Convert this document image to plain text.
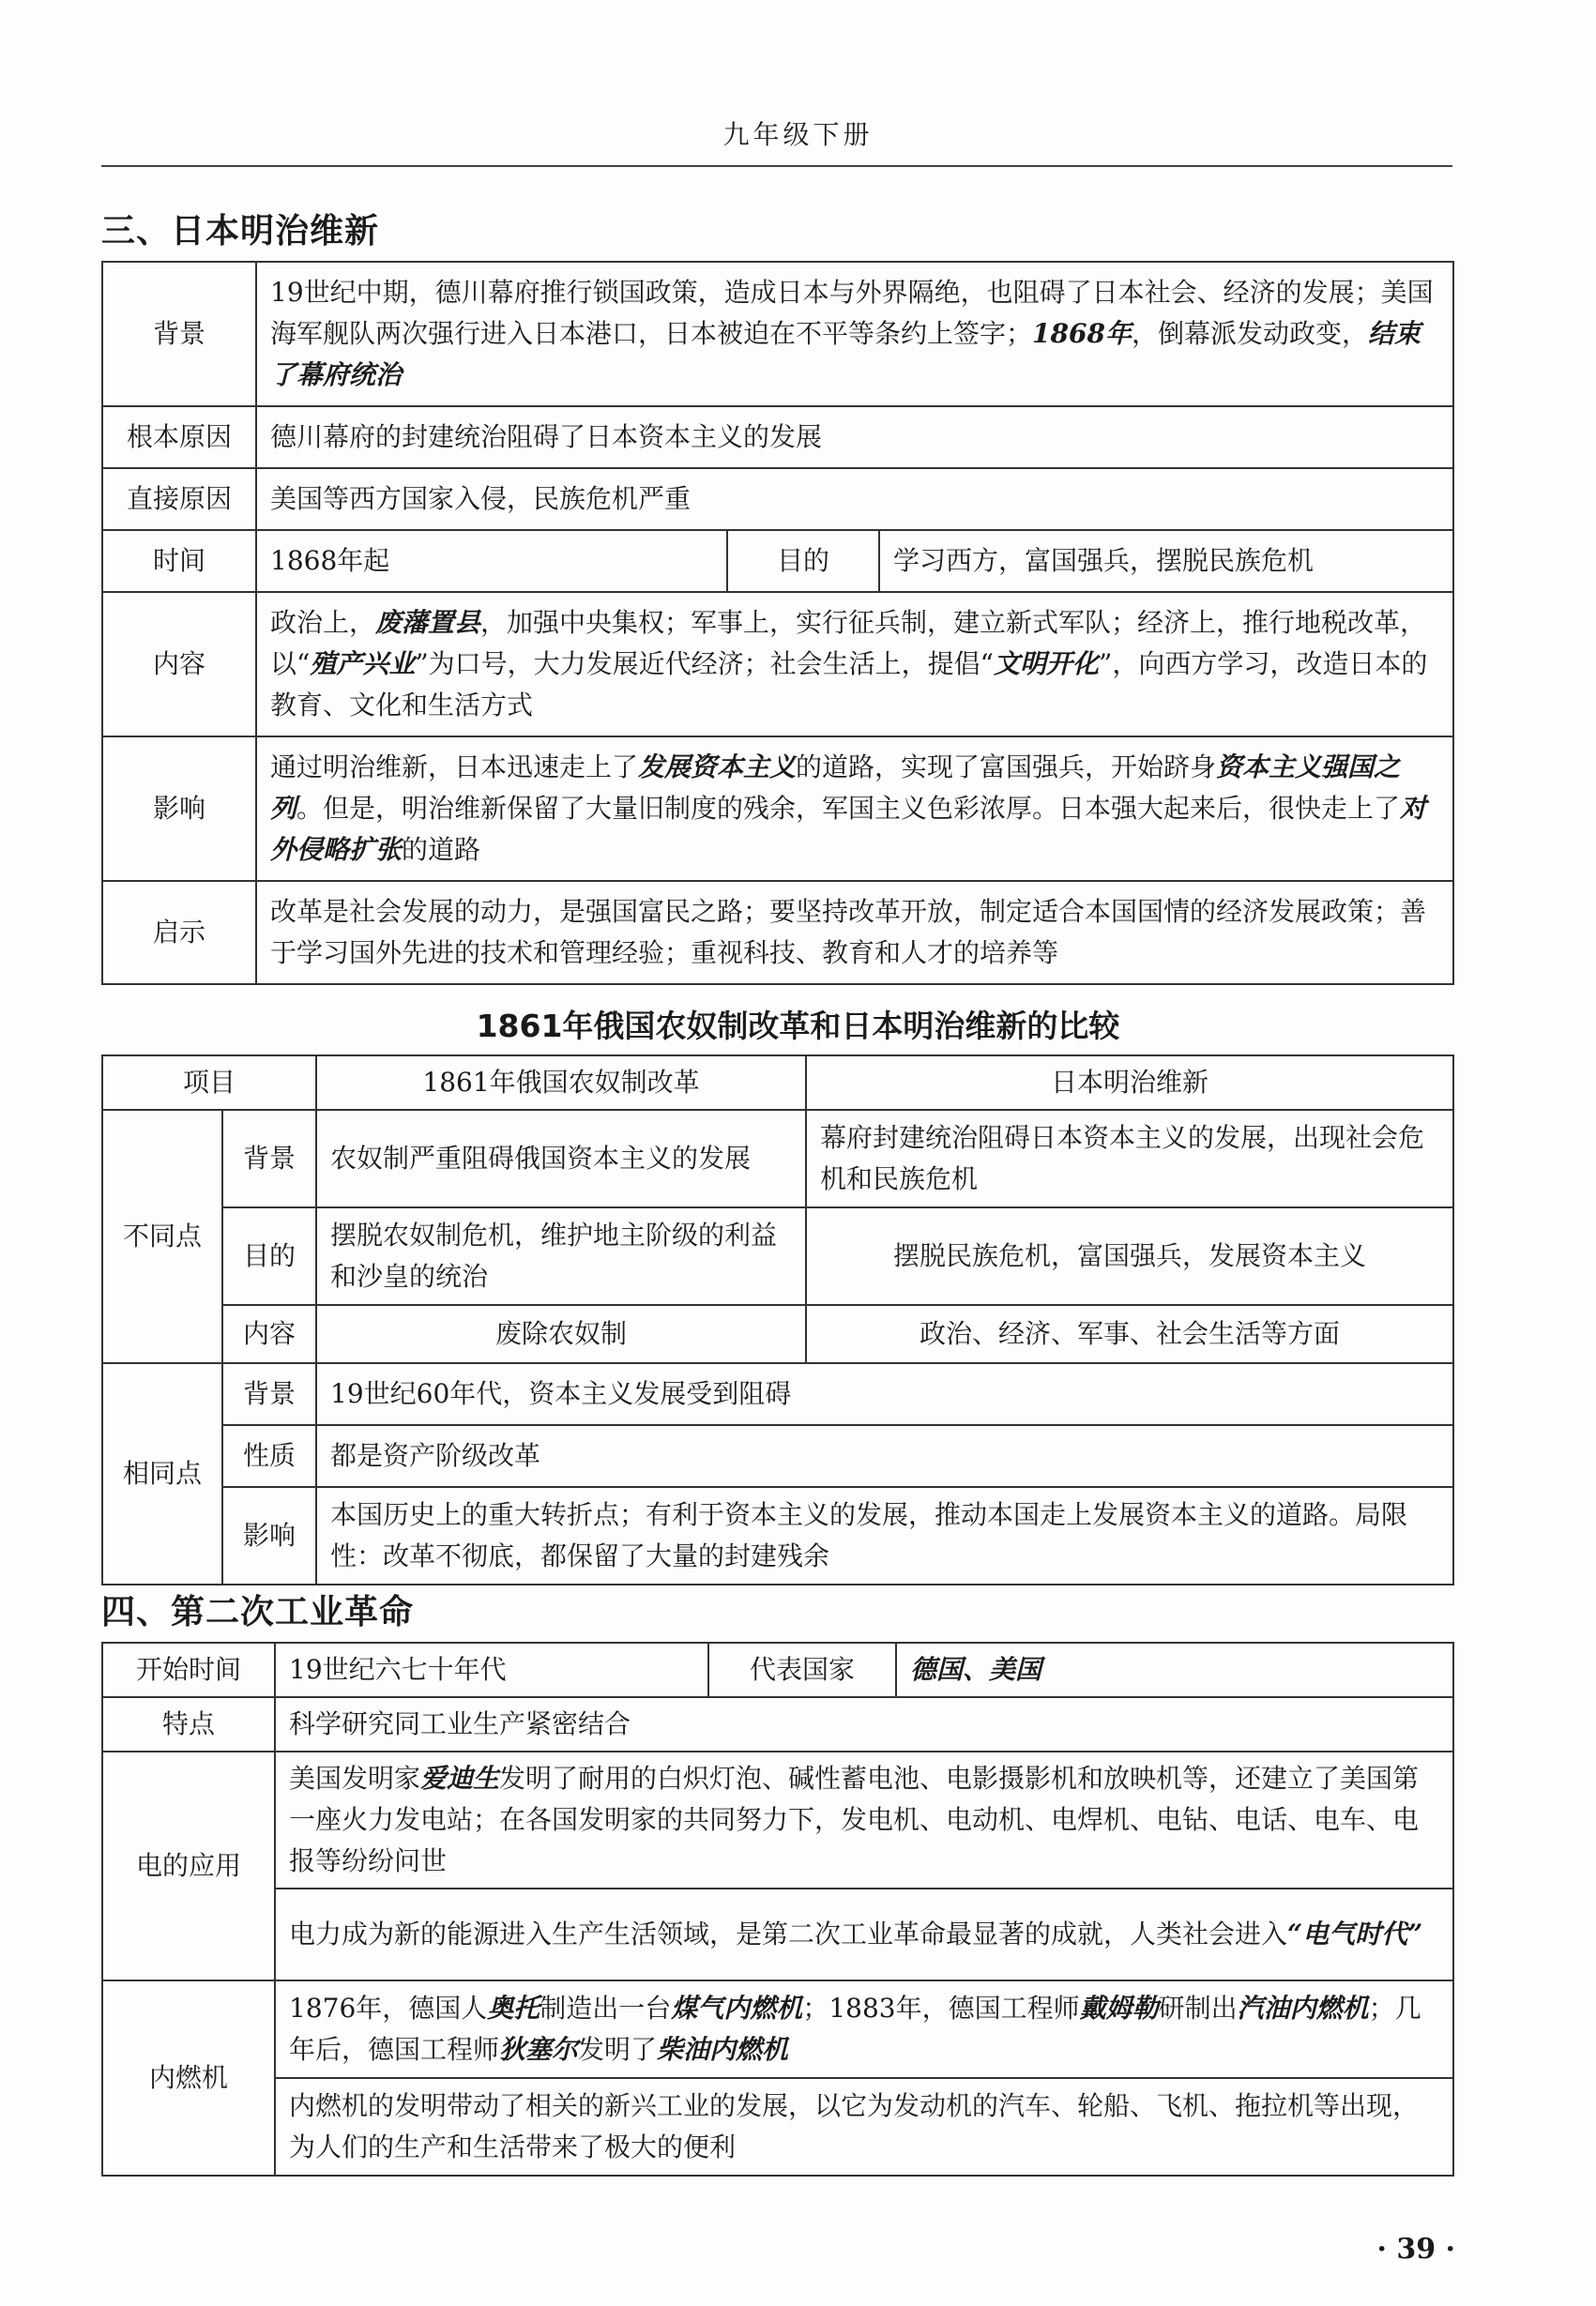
九年级下册
三、日本明治维新
背景	19世纪中期，德川幕府推行锁国政策，造成日本与外界隔绝，也阻碍了日本社会、经济的发展；美国海军舰队两次强行进入日本港口，日本被迫在不平等条约上签字；1868年，倒幕派发动政变，结束了幕府统治		
根本原因	德川幕府的封建统治阻碍了日本资本主义的发展		
直接原因	美国等西方国家入侵，民族危机严重		
时间	1868年起	目的	学习西方，富国强兵，摆脱民族危机
内容	政治上，废藩置县，加强中央集权；军事上，实行征兵制，建立新式军队；经济上，推行地税改革，以“殖产兴业”为口号，大力发展近代经济；社会生活上，提倡“文明开化”，向西方学习，改造日本的教育、文化和生活方式		
影响	通过明治维新，日本迅速走上了发展资本主义的道路，实现了富国强兵，开始跻身资本主义强国之列。但是，明治维新保留了大量旧制度的残余，军国主义色彩浓厚。日本强大起来后，很快走上了对外侵略扩张的道路		
启示	改革是社会发展的动力，是强国富民之路；要坚持改革开放，制定适合本国国情的经济发展政策；善于学习国外先进的技术和管理经验；重视科技、教育和人才的培养等		
1861年俄国农奴制改革和日本明治维新的比较
项目		1861年俄国农奴制改革	日本明治维新
不同点	背景	农奴制严重阻碍俄国资本主义的发展	幕府封建统治阻碍日本资本主义的发展，出现社会危机和民族危机
	目的	摆脱农奴制危机，维护地主阶级的利益和沙皇的统治	摆脱民族危机，富国强兵，发展资本主义
	内容	废除农奴制	政治、经济、军事、社会生活等方面
相同点	背景	19世纪60年代，资本主义发展受到阻碍	
	性质	都是资产阶级改革	
	影响	本国历史上的重大转折点；有利于资本主义的发展，推动本国走上发展资本主义的道路。局限性：改革不彻底，都保留了大量的封建残余	
四、第二次工业革命
开始时间	19世纪六七十年代	代表国家	德国、美国
特点	科学研究同工业生产紧密结合		
电的应用	美国发明家爱迪生发明了耐用的白炽灯泡、碱性蓄电池、电影摄影机和放映机等，还建立了美国第一座火力发电站；在各国发明家的共同努力下，发电机、电动机、电焊机、电钻、电话、电车、电报等纷纷问世		
	电力成为新的能源进入生产生活领域，是第二次工业革命最显著的成就，人类社会进入“电气时代”		
内燃机	1876年，德国人奥托制造出一台煤气内燃机；1883年，德国工程师戴姆勒研制出汽油内燃机；几年后，德国工程师狄塞尔发明了柴油内燃机		
	内燃机的发明带动了相关的新兴工业的发展，以它为发动机的汽车、轮船、飞机、拖拉机等出现，为人们的生产和生活带来了极大的便利		
· 39 ·
